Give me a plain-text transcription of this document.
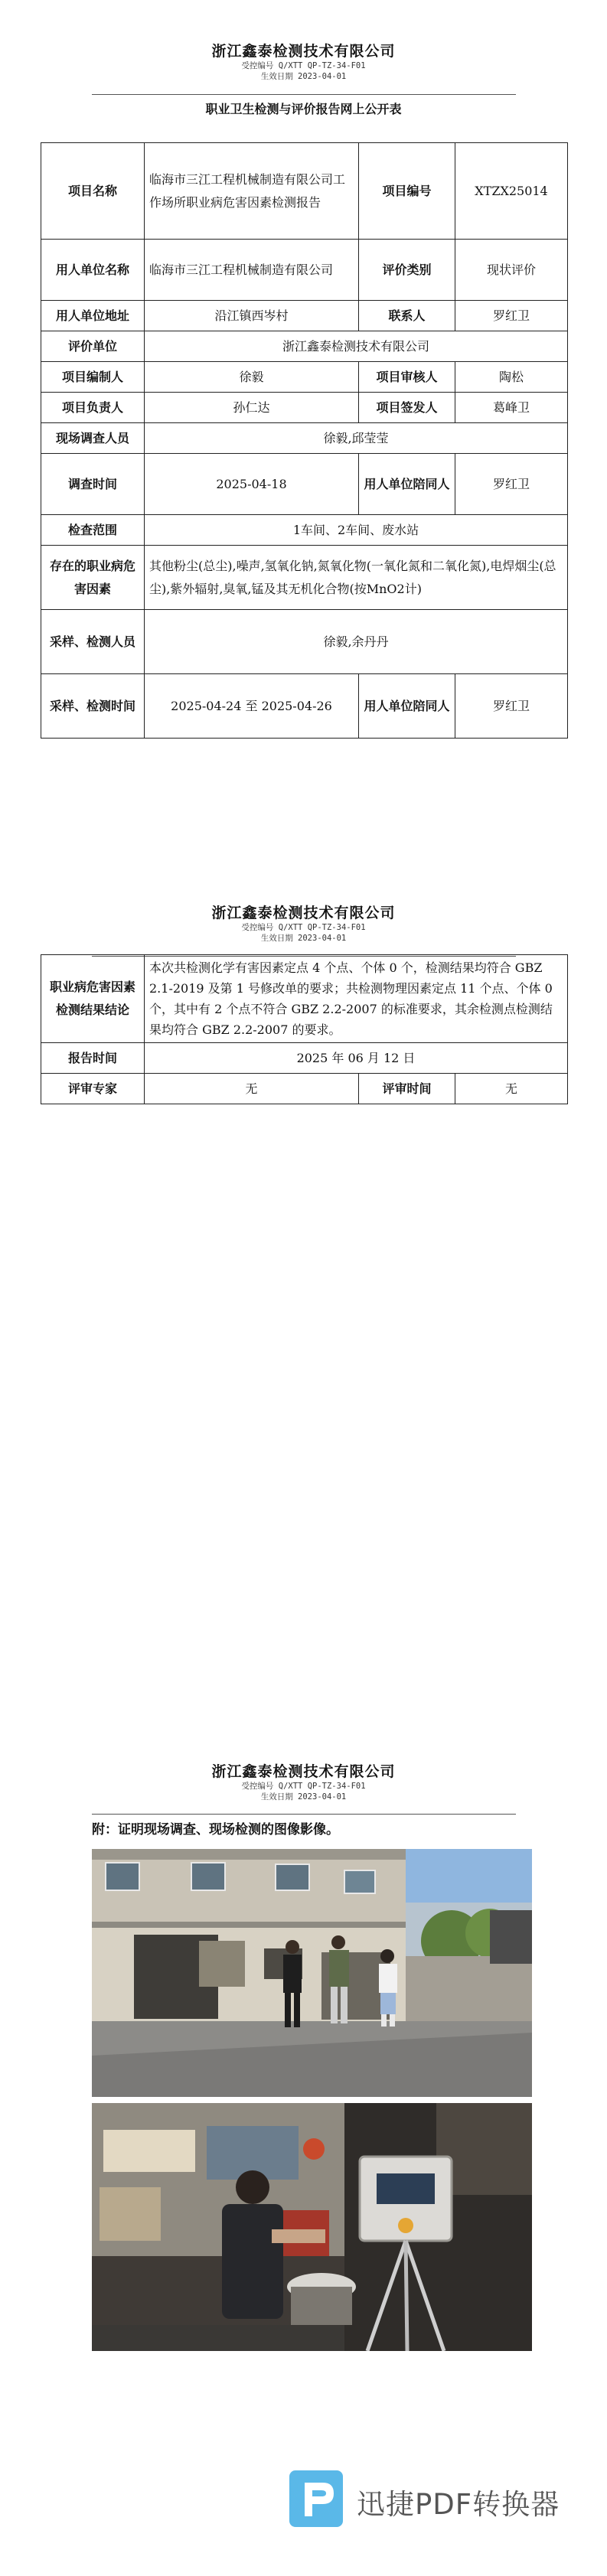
浙江鑫泰检测技术有限公司
受控编号 Q/XTT QP-TZ-34-F01
生效日期 2023-04-01
职业卫生检测与评价报告网上公开表
项目名称	临海市三江工程机械制造有限公司工作场所职业病危害因素检测报告	项目编号	XTZX25014
用人单位名称	临海市三江工程机械制造有限公司	评价类别	现状评价
用人单位地址	沿江镇西岑村	联系人	罗红卫
评价单位	浙江鑫泰检测技术有限公司		
项目编制人	徐毅	项目审核人	陶松
项目负责人	孙仁达	项目签发人	葛峰卫
现场调查人员	徐毅,邱莹莹		
调查时间	2025-04-18	用人单位陪同人	罗红卫
检查范围	1车间、2车间、废水站		
存在的职业病危害因素	其他粉尘(总尘),噪声,氢氧化钠,氮氧化物(一氧化氮和二氧化氮),电焊烟尘(总尘),紫外辐射,臭氧,锰及其无机化合物(按MnO2计)		
采样、检测人员	徐毅,余丹丹		
采样、检测时间	2025-04-24 至 2025-04-26	用人单位陪同人	罗红卫
浙江鑫泰检测技术有限公司
受控编号 Q/XTT QP-TZ-34-F01
生效日期 2023-04-01
职业病危害因素检测结果结论	本次共检测化学有害因素定点 4 个点、个体 0 个，检测结果均符合 GBZ 2.1-2019 及第 1 号修改单的要求；共检测物理因素定点 11 个点、个体 0 个，其中有 2 个点不符合 GBZ 2.2-2007 的标准要求，其余检测点检测结果均符合 GBZ 2.2-2007 的要求。		
报告时间	2025 年 06 月 12 日		
评审专家	无	评审时间	无
浙江鑫泰检测技术有限公司
受控编号 Q/XTT QP-TZ-34-F01
生效日期 2023-04-01
附：证明现场调查、现场检测的图像影像。
迅捷PDF转换器
